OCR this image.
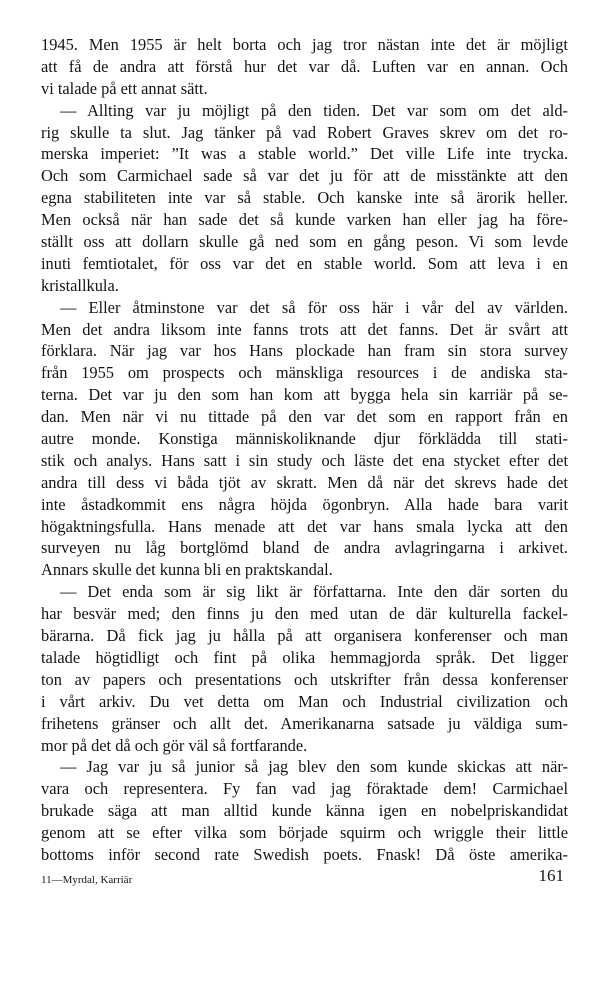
1945. Men 1955 är helt borta och jag tror nästan inte det är möjligt
att få de andra att förstå hur det var då. Luften var en annan. Och
vi talade på ett annat sätt.
— Allting var ju möjligt på den tiden. Det var som om det ald-
rig skulle ta slut. Jag tänker på vad Robert Graves skrev om det ro-
merska imperiet: ”It was a stable world.” Det ville Life inte trycka.
Och som Carmichael sade så var det ju för att de misstänkte att den
egna stabiliteten inte var så stable. Och kanske inte så ärorik heller.
Men också när han sade det så kunde varken han eller jag ha före-
ställt oss att dollarn skulle gå ned som en gång peson. Vi som levde
inuti femtiotalet, för oss var det en stable world. Som att leva i en
kristallkula.
— Eller åtminstone var det så för oss här i vår del av världen.
Men det andra liksom inte fanns trots att det fanns. Det är svårt att
förklara. När jag var hos Hans plockade han fram sin stora survey
från 1955 om prospects och mänskliga resources i de andiska sta-
terna. Det var ju den som han kom att bygga hela sin karriär på se-
dan. Men när vi nu tittade på den var det som en rapport från en
autre monde. Konstiga människoliknande djur förklädda till stati-
stik och analys. Hans satt i sin study och läste det ena stycket efter det
andra till dess vi båda tjöt av skratt. Men då när det skrevs hade det
inte åstadkommit ens några höjda ögonbryn. Alla hade bara varit
högaktningsfulla. Hans menade att det var hans smala lycka att den
surveyen nu låg bortglömd bland de andra avlagringarna i arkivet.
Annars skulle det kunna bli en praktskandal.
— Det enda som är sig likt är författarna. Inte den där sorten du
har besvär med; den finns ju den med utan de där kulturella fackel-
bärarna. Då fick jag ju hålla på att organisera konferenser och man
talade högtidligt och fint på olika hemmagjorda språk. Det ligger
ton av papers och presentations och utskrifter från dessa konferenser
i vårt arkiv. Du vet detta om Man och Industrial civilization och
frihetens gränser och allt det. Amerikanarna satsade ju väldiga sum-
mor på det då och gör väl så fortfarande.
— Jag var ju så junior så jag blev den som kunde skickas att när-
vara och representera. Fy fan vad jag föraktade dem! Carmichael
brukade säga att man alltid kunde känna igen en nobelpriskandidat
genom att se efter vilka som började squirm och wriggle their little
bottoms inför second rate Swedish poets. Fnask! Då öste amerika-
11—Myrdal, Karriär	161
